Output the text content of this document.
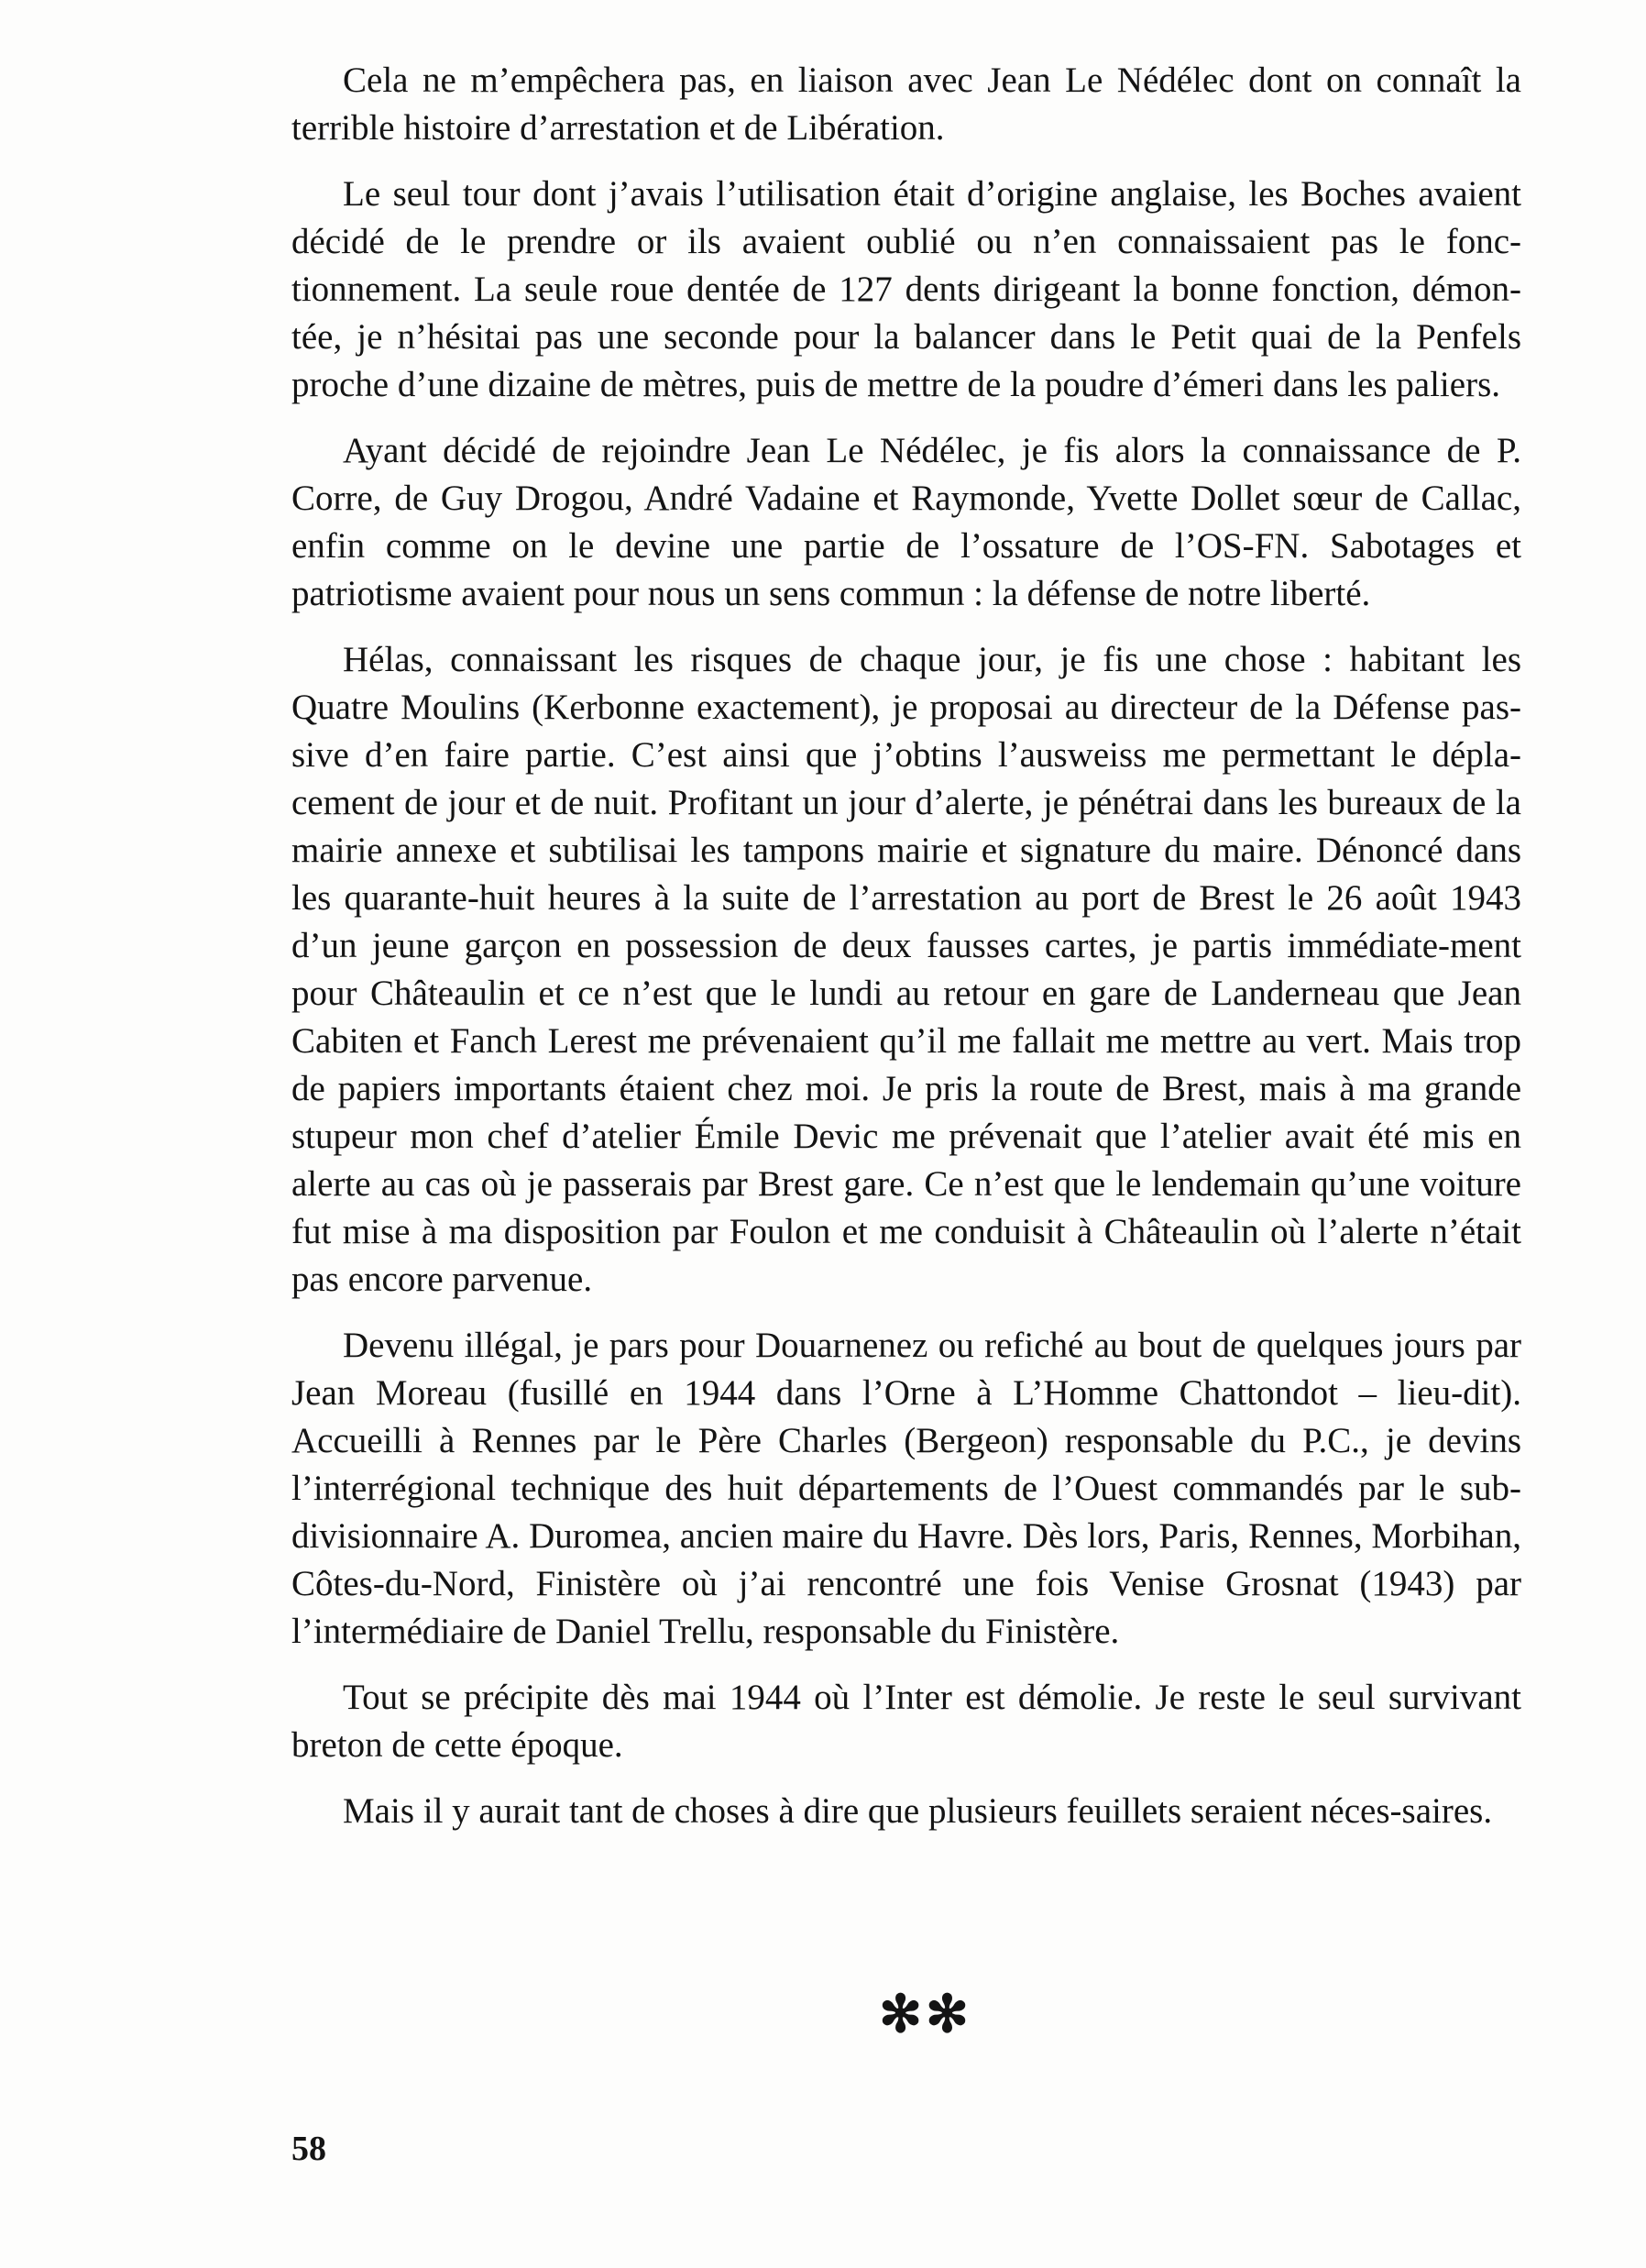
Cela ne m’empêchera pas, en liaison avec Jean Le Nédélec dont on connaît la terrible histoire d’arrestation et de Libération.

Le seul tour dont j’avais l’utilisation était d’origine anglaise, les Boches avaient décidé de le prendre or ils avaient oublié ou n’en connaissaient pas le fonc-tionnement. La seule roue dentée de 127 dents dirigeant la bonne fonction, démon-tée, je n’hésitai pas une seconde pour la balancer dans le Petit quai de la Penfels proche d’une dizaine de mètres, puis de mettre de la poudre d’émeri dans les paliers.

Ayant décidé de rejoindre Jean Le Nédélec, je fis alors la connaissance de P. Corre, de Guy Drogou, André Vadaine et Raymonde, Yvette Dollet sœur de Callac, enfin comme on le devine une partie de l’ossature de l’OS-FN. Sabotages et patriotisme avaient pour nous un sens commun : la défense de notre liberté.

Hélas, connaissant les risques de chaque jour, je fis une chose : habitant les Quatre Moulins (Kerbonne exactement), je proposai au directeur de la Défense pas-sive d’en faire partie. C’est ainsi que j’obtins l’ausweiss me permettant le dépla-cement de jour et de nuit. Profitant un jour d’alerte, je pénétrai dans les bureaux de la mairie annexe et subtilisai les tampons mairie et signature du maire. Dénoncé dans les quarante-huit heures à la suite de l’arrestation au port de Brest le 26 août 1943 d’un jeune garçon en possession de deux fausses cartes, je partis immédiate-ment pour Châteaulin et ce n’est que le lundi au retour en gare de Landerneau que Jean Cabiten et Fanch Lerest me prévenaient qu’il me fallait me mettre au vert. Mais trop de papiers importants étaient chez moi. Je pris la route de Brest, mais à ma grande stupeur mon chef d’atelier Émile Devic me prévenait que l’atelier avait été mis en alerte au cas où je passerais par Brest gare. Ce n’est que le lendemain qu’une voiture fut mise à ma disposition par Foulon et me conduisit à Châteaulin où l’alerte n’était pas encore parvenue.

Devenu illégal, je pars pour Douarnenez ou refiché au bout de quelques jours par Jean Moreau (fusillé en 1944 dans l’Orne à L’Homme Chattondot – lieu-dit). Accueilli à Rennes par le Père Charles (Bergeon) responsable du P.C., je devins l’interrégional technique des huit départements de l’Ouest commandés par le sub-divisionnaire A. Duromea, ancien maire du Havre. Dès lors, Paris, Rennes, Morbihan, Côtes-du-Nord, Finistère où j’ai rencontré une fois Venise Grosnat (1943) par l’intermédiaire de Daniel Trellu, responsable du Finistère.

Tout se précipite dès mai 1944 où l’Inter est démolie. Je reste le seul survivant breton de cette époque.

Mais il y aurait tant de choses à dire que plusieurs feuillets seraient néces-saires.

✻✻
58
